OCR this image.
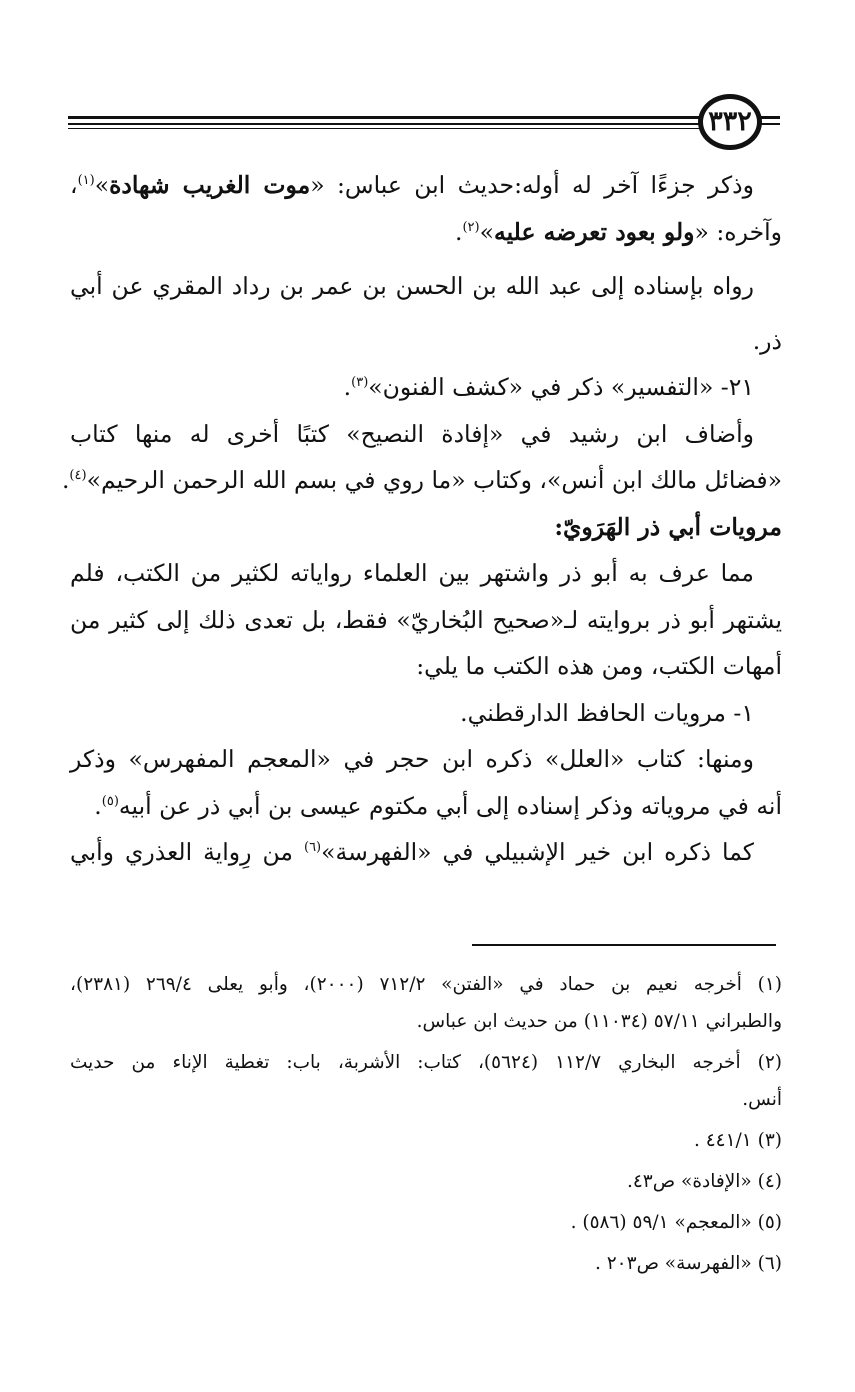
٣٣٢
وذكر جزءًا آخر له أوله:حديث ابن عباس: «موت الغريب شهادة»$^{(١)}$،
وآخره: «ولو بعود تعرضه عليه»$^{(٢)}$.
رواه بإسناده إلى عبد الله بن الحسن بن عمر بن رداد المقري عن أبي
ذر.
٢١- «التفسير» ذكر في «كشف الفنون»$^{(٣)}$.
وأضاف ابن رشيد في «إفادة النصيح» كتبًا أخرى له منها كتاب
«فضائل مالك ابن أنس»، وكتاب «ما روي في بسم الله الرحمن الرحيم»$^{(٤)}$.
مرويات أبي ذر الهَرَويّ:
مما عرف به أبو ذر واشتهر بين العلماء رواياته لكثير من الكتب، فلم
يشتهر أبو ذر بروايته لـ«صحيح البُخاريّ» فقط، بل تعدى ذلك إلى كثير من
أمهات الكتب، ومن هذه الكتب ما يلي:
١- مرويات الحافظ الدارقطني.
ومنها: كتاب «العلل» ذكره ابن حجر في «المعجم المفهرس» وذكر
أنه في مروياته وذكر إسناده إلى أبي مكتوم عيسى بن أبي ذر عن أبيه$^{(٥)}$.
كما ذكره ابن خير الإشبيلي في «الفهرسة»$^{(٦)}$ من رِواية العذري وأبي
(١) أخرجه نعيم بن حماد في «الفتن» ٧١٢/٢ (٢٠٠٠)، وأبو يعلى ٢٦٩/٤ (٢٣٨١)،
والطبراني ٥٧/١١ (١١٠٣٤) من حديث ابن عباس.
(٢) أخرجه البخاري ١١٢/٧ (٥٦٢٤)، كتاب: الأشربة، باب: تغطية الإناء من حديث
أنس.
(٣) ٤٤١/١ .
(٤) «الإفادة» ص٤٣.
(٥) «المعجم» ٥٩/١ (٥٨٦) .
(٦) «الفهرسة» ص٢٠٣ .
